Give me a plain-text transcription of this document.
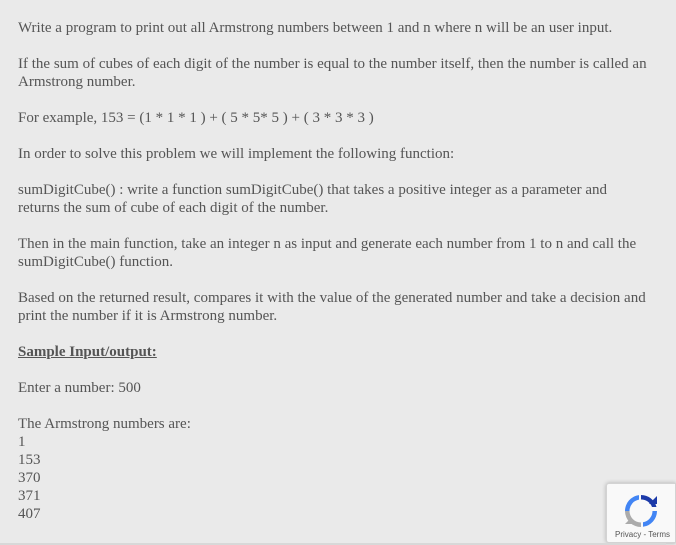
Write a program to print out all Armstrong numbers between 1 and n where n will be an user input.

If the sum of cubes of each digit of the number is equal to the number itself, then the number is called an Armstrong number.

For example, 153 = (1 * 1 * 1 ) + ( 5 * 5* 5 ) + ( 3 * 3 * 3 )

In order to solve this problem we will implement the following function:

sumDigitCube() : write a function sumDigitCube() that takes a positive integer as a parameter and returns the sum of cube of each digit of the number.

Then in the main function, take an integer n as input and generate each number from 1 to n and call the sumDigitCube() function.

Based on the returned result, compares it with the value of the generated number and take a decision and print the number if it is Armstrong number.

Sample Input/output:

Enter a number: 500

The Armstrong numbers are:
1
153
370
371
407
Privacy - Terms
